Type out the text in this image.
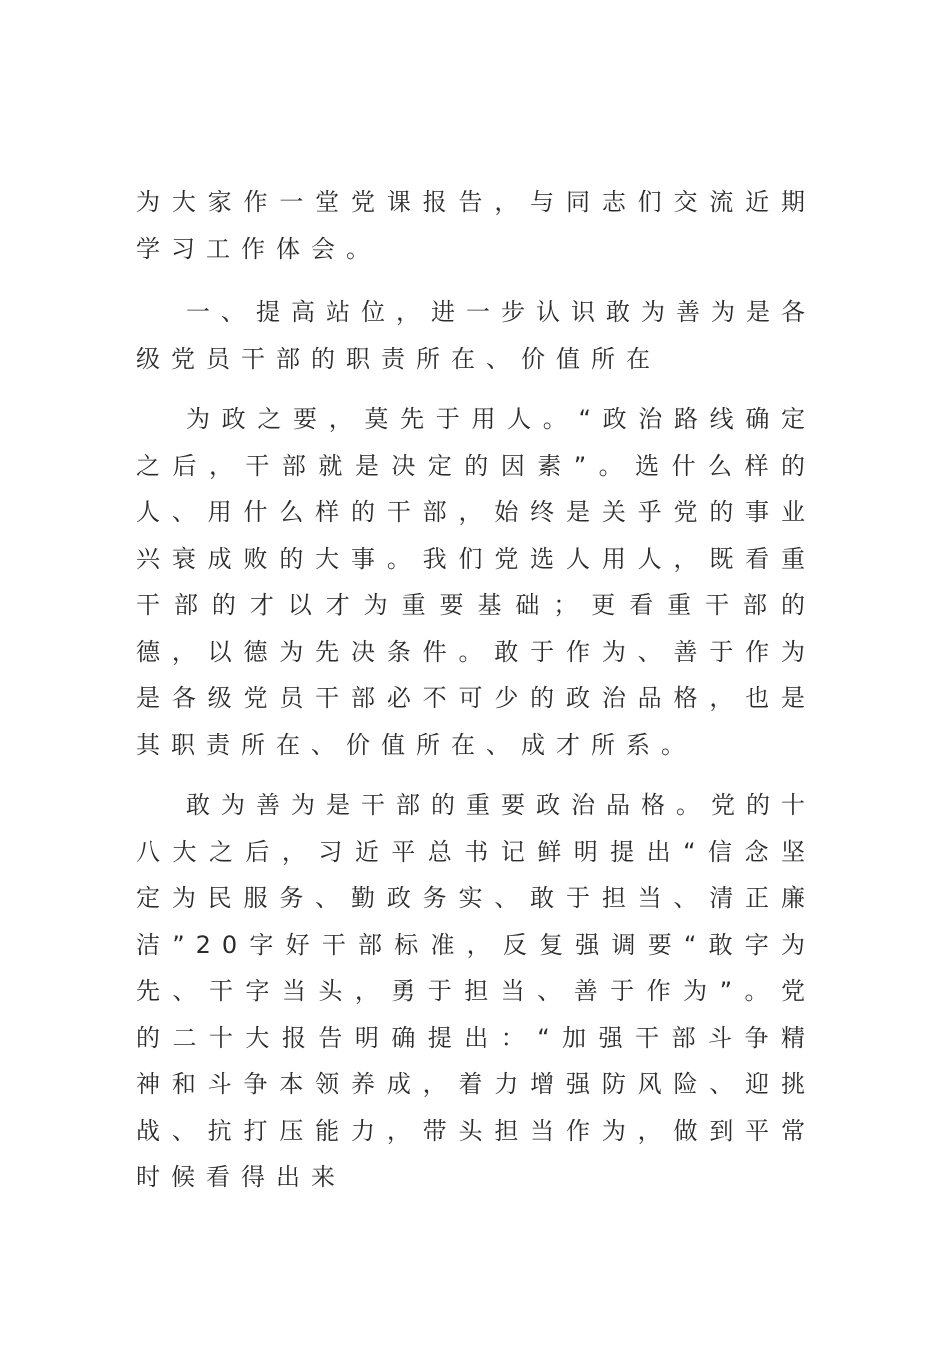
为大家作一堂党课报告，与同志们交流近期学习工作体会。

一、提高站位，进一步认识敢为善为是各级党员干部的职责所在、价值所在

为政之要，莫先于用人。“政治路线确定之后，干部就是决定的因素”。选什么样的人、用什么样的干部，始终是关乎党的事业兴衰成败的大事。我们党选人用人，既看重干部的才以才为重要基础；更看重干部的德，以德为先决条件。敢于作为、善于作为是各级党员干部必不可少的政治品格，也是其职责所在、价值所在、成才所系。

敢为善为是干部的重要政治品格。党的十八大之后，习近平总书记鲜明提出“信念坚定为民服务、勤政务实、敢于担当、清正廉洁”20字好干部标准，反复强调要“敢字为先、干字当头，勇于担当、善于作为”。党的二十大报告明确提出：“加强干部斗争精神和斗争本领养成，着力增强防风险、迎挑战、抗打压能力，带头担当作为，做到平常时候看得出来
